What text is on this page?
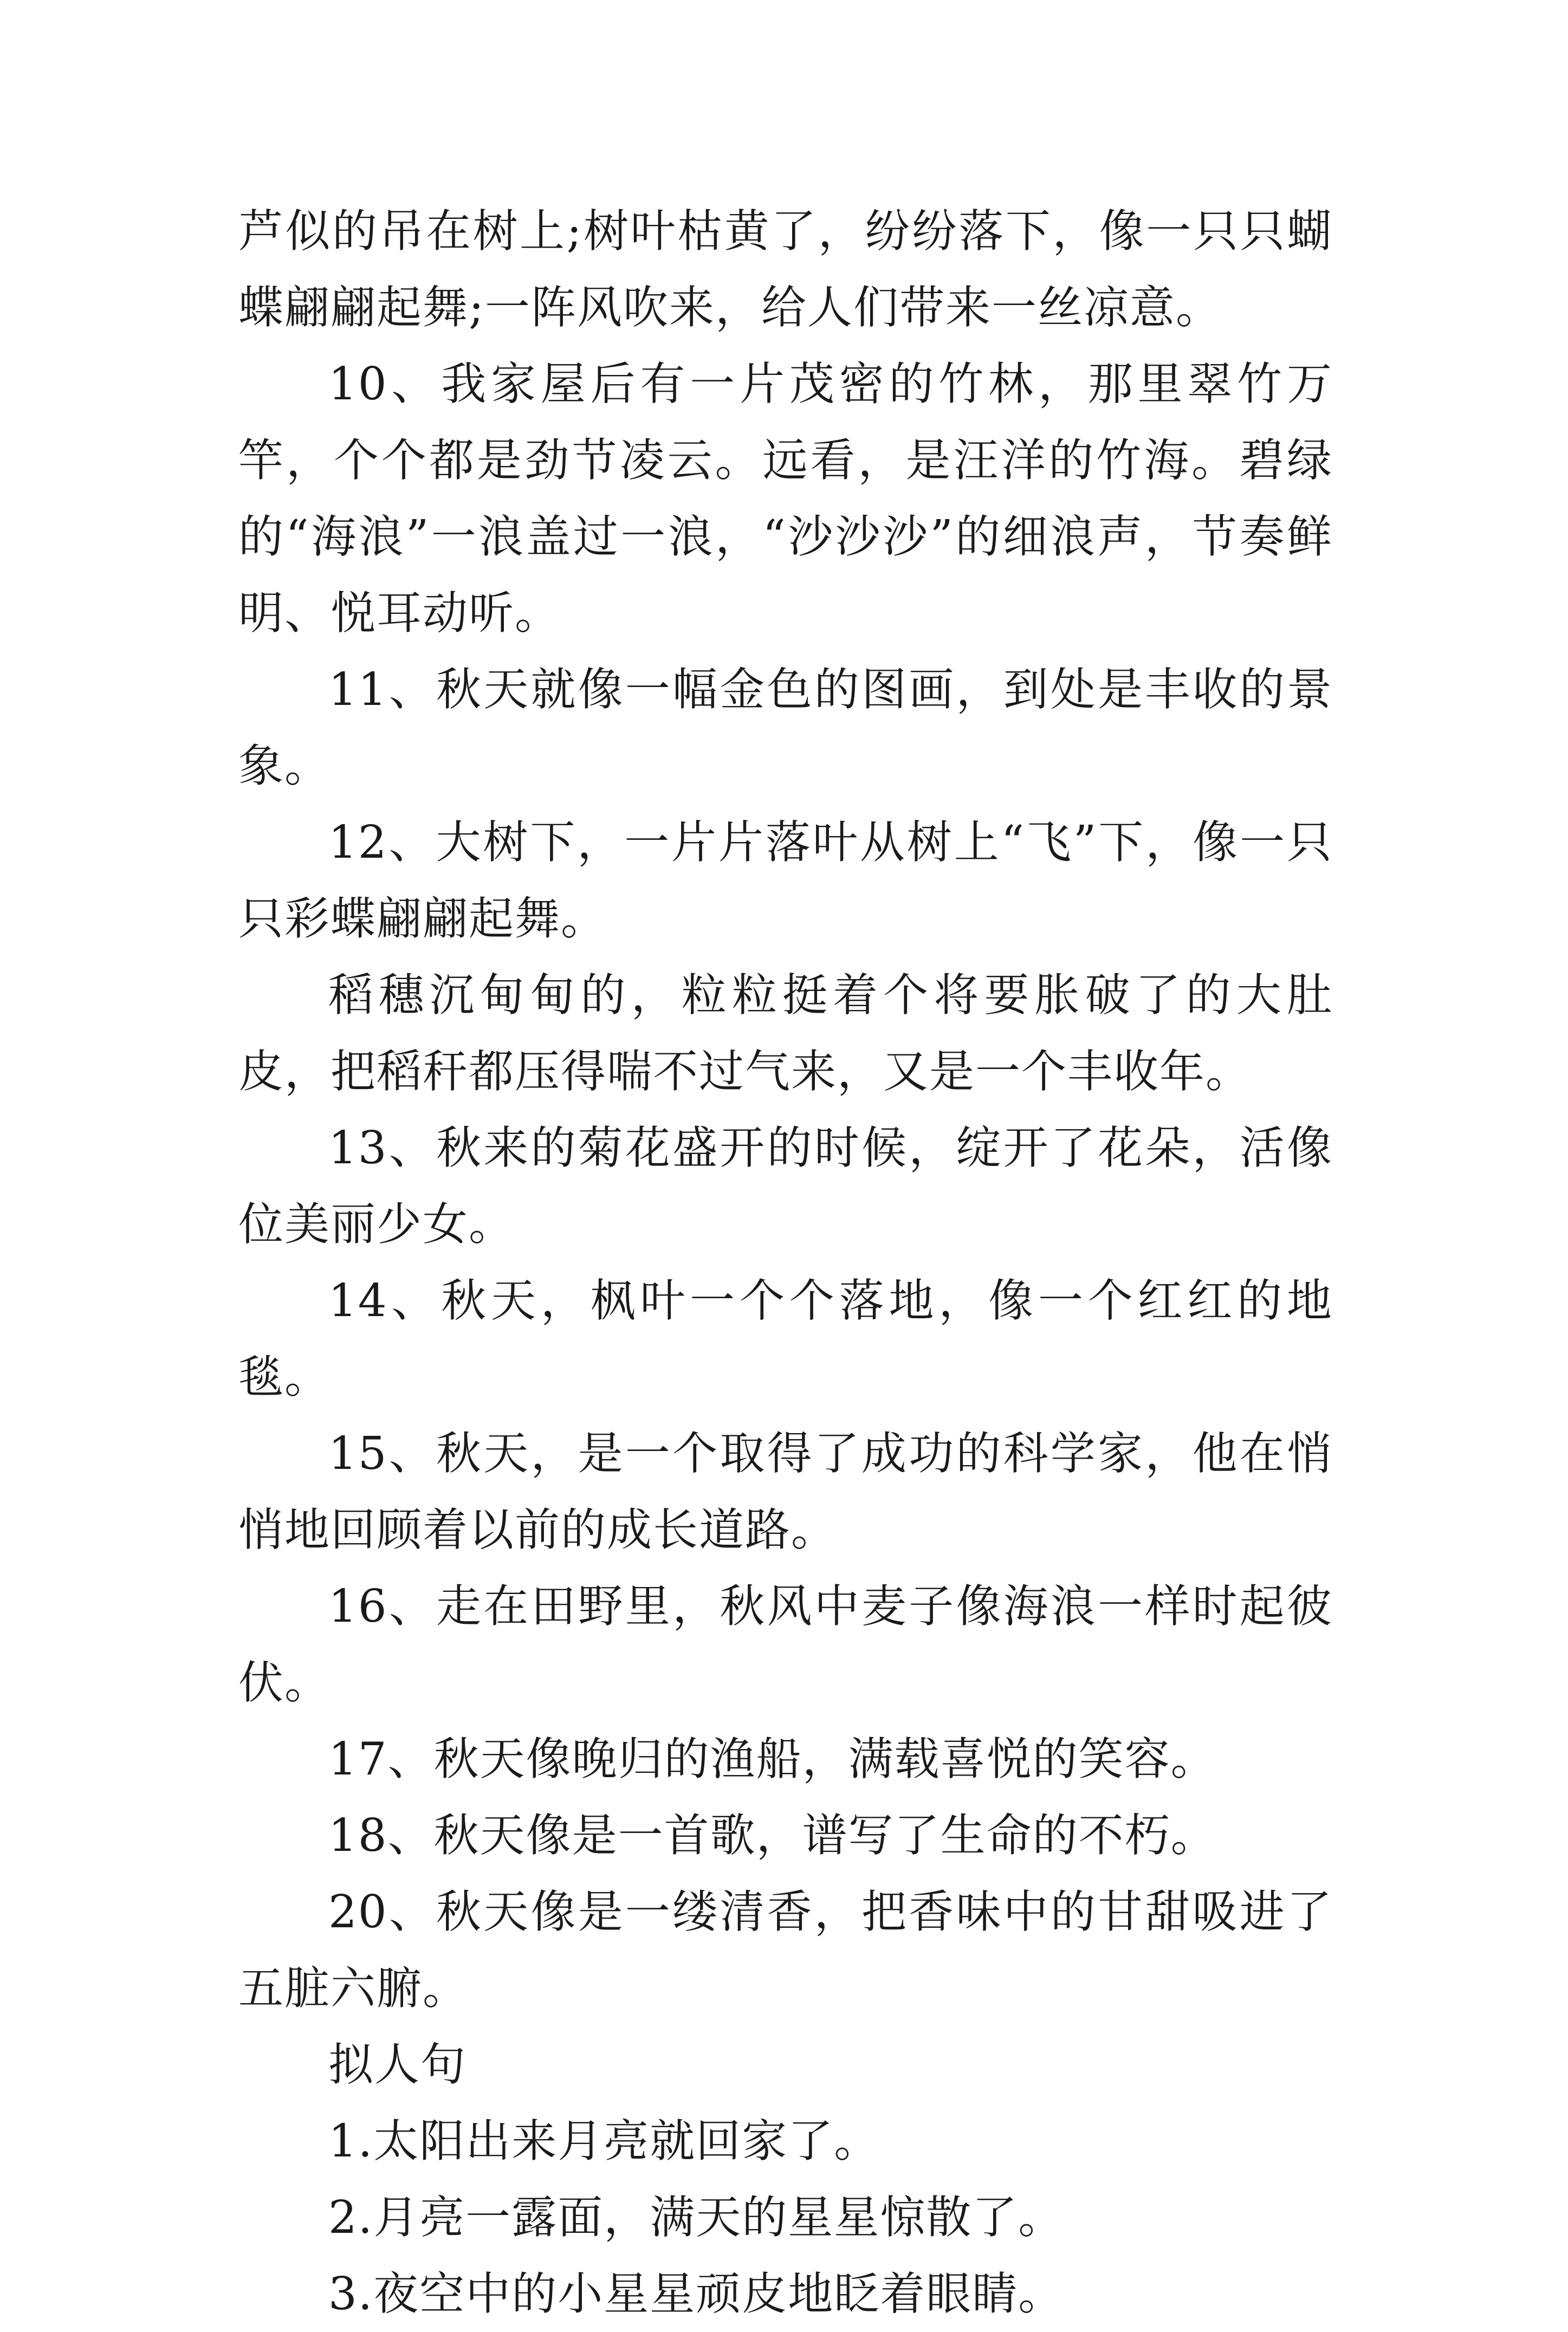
芦似的吊在树上;树叶枯黄了，纷纷落下，像一只只蝴蝶翩翩起舞;一阵风吹来，给人们带来一丝凉意。

10、我家屋后有一片茂密的竹林，那里翠竹万竿，个个都是劲节凌云。远看，是汪洋的竹海。碧绿的“海浪”一浪盖过一浪，“沙沙沙”的细浪声，节奏鲜明、悦耳动听。

11、秋天就像一幅金色的图画，到处是丰收的景象。

12、大树下，一片片落叶从树上“飞”下，像一只只彩蝶翩翩起舞。

稻穗沉甸甸的，粒粒挺着个将要胀破了的大肚皮，把稻秆都压得喘不过气来，又是一个丰收年。

13、秋来的菊花盛开的时候，绽开了花朵，活像位美丽少女。

14、秋天，枫叶一个个落地，像一个红红的地毯。

15、秋天，是一个取得了成功的科学家，他在悄悄地回顾着以前的成长道路。

16、走在田野里，秋风中麦子像海浪一样时起彼伏。

17、秋天像晚归的渔船，满载喜悦的笑容。

18、秋天像是一首歌，谱写了生命的不朽。

20、秋天像是一缕清香，把香味中的甘甜吸进了五脏六腑。

拟人句

1.太阳出来月亮就回家了。

2.月亮一露面，满天的星星惊散了。

3.夜空中的小星星顽皮地眨着眼睛。
